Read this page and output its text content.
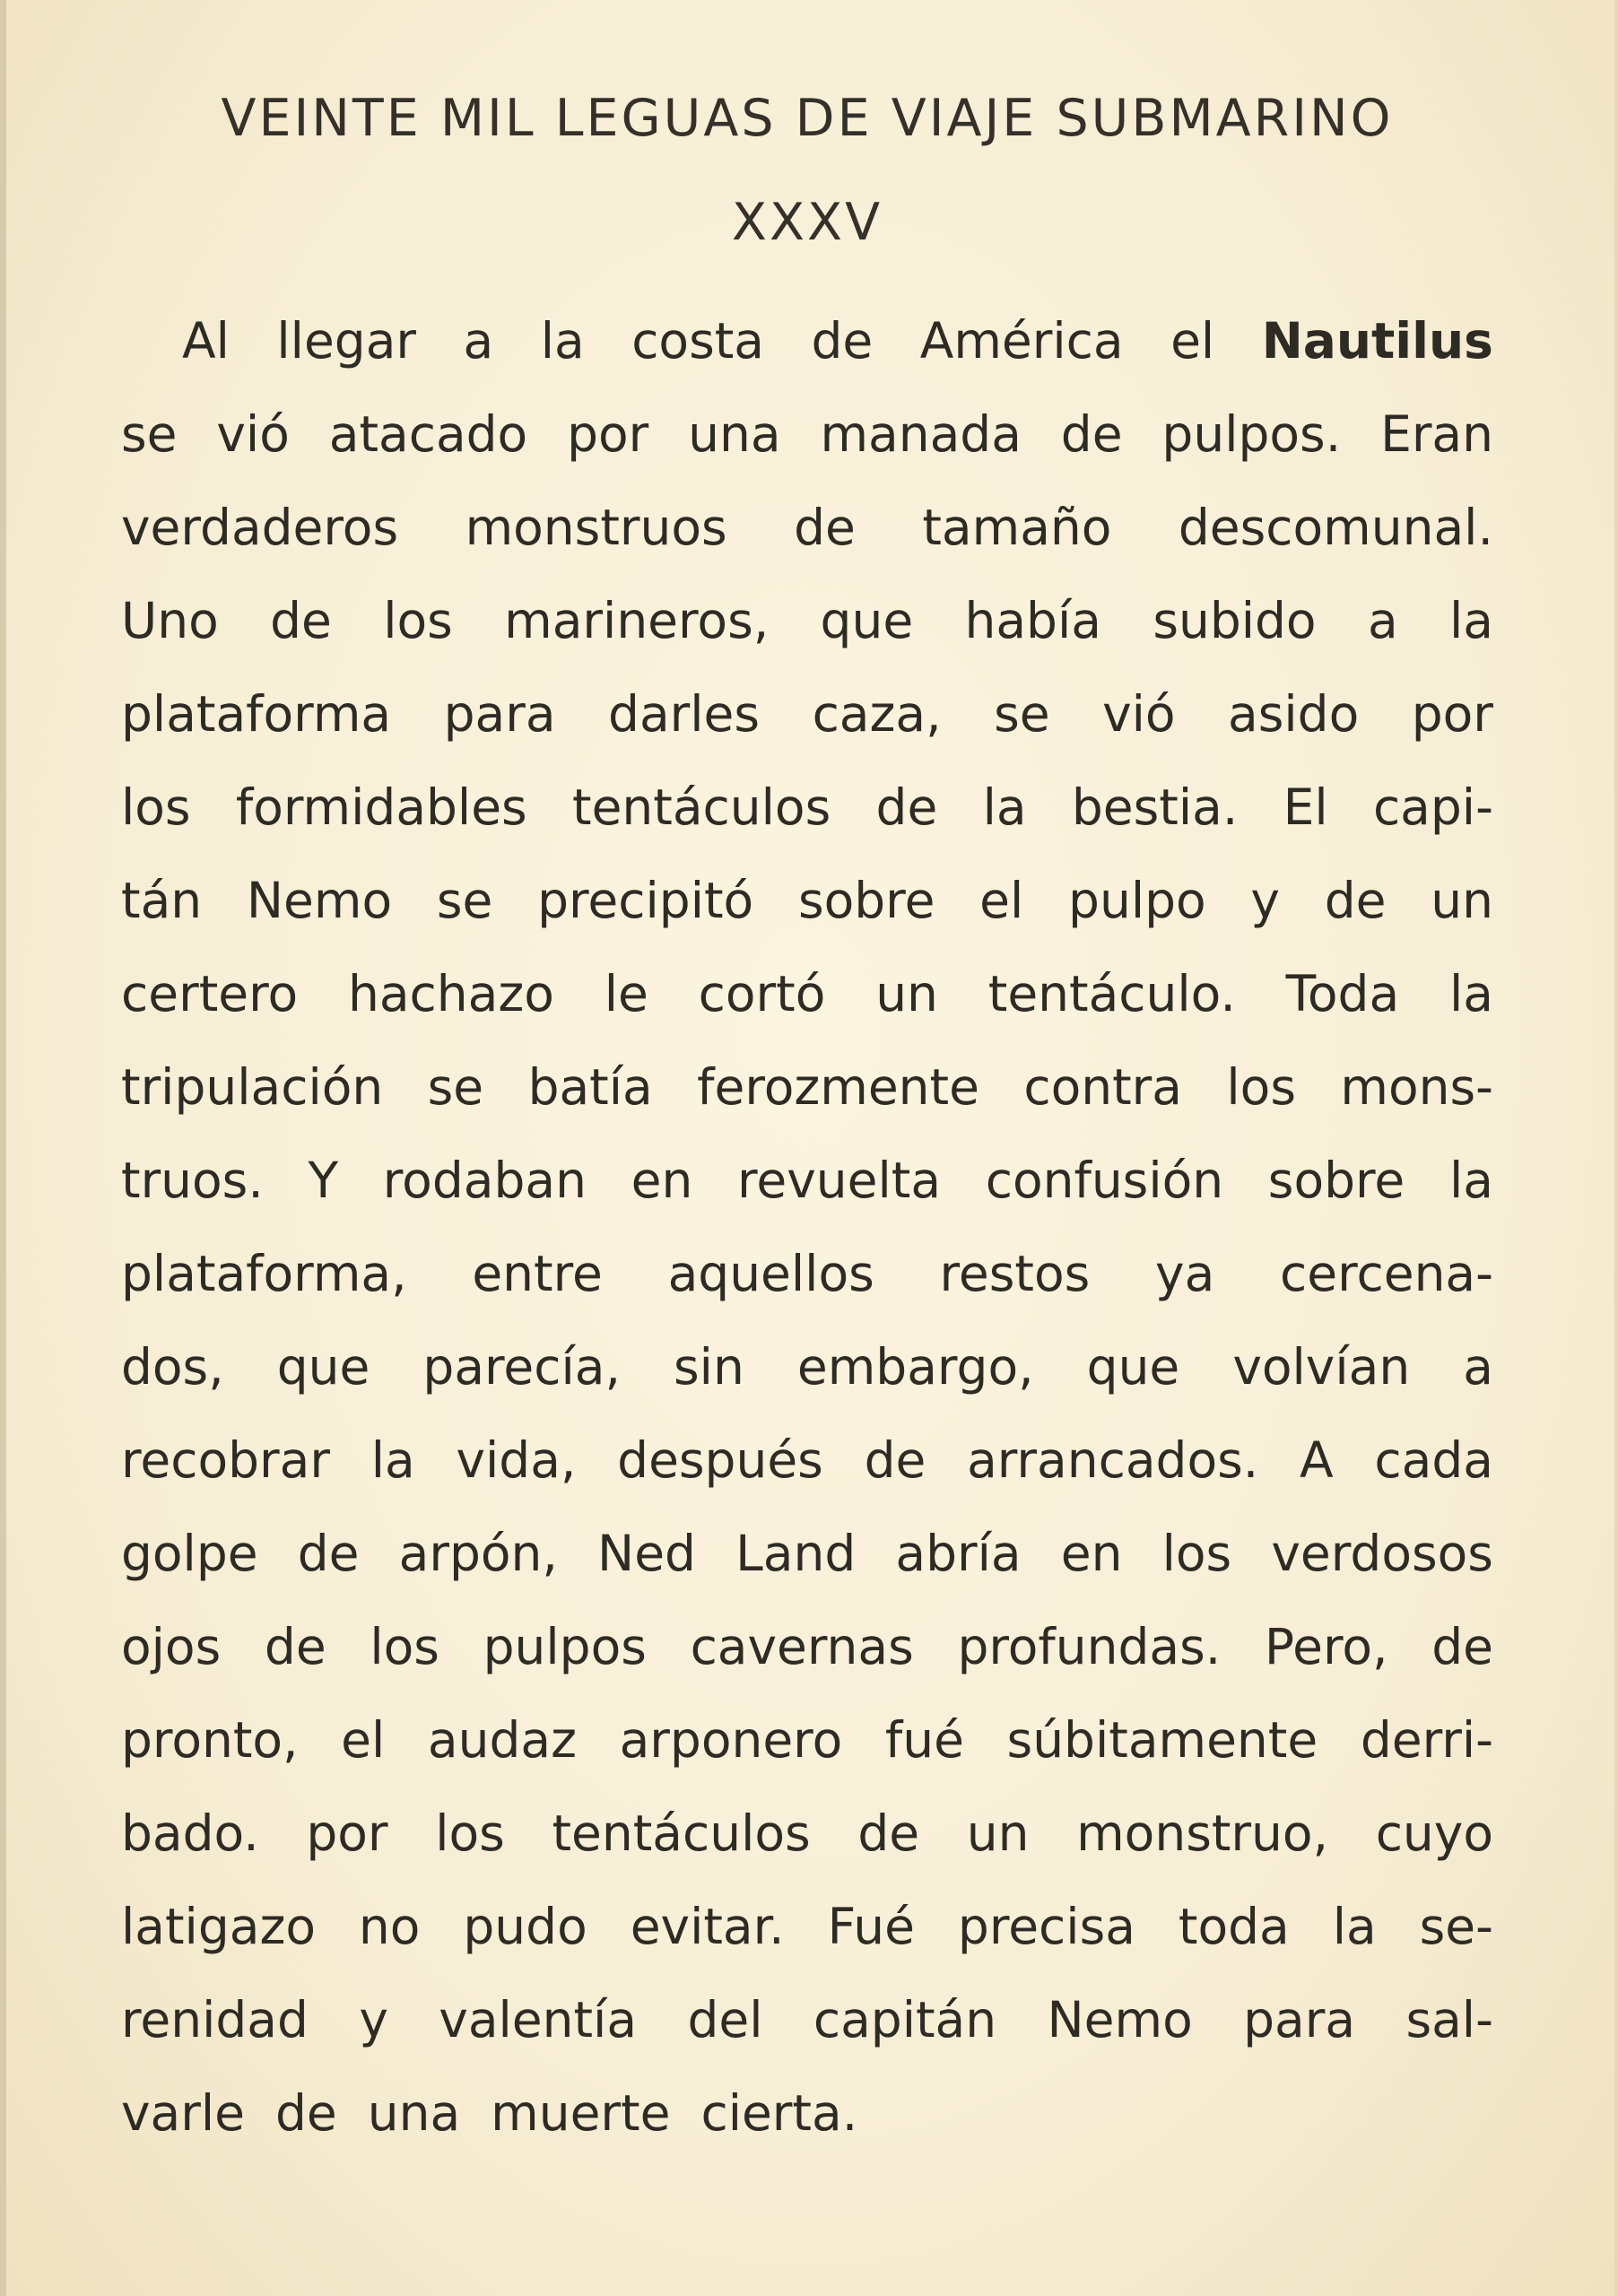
VEINTE MIL LEGUAS DE VIAJE SUBMARINO
XXXV
Al llegar a la costa de América el Nautilus
se vió atacado por una manada de pulpos. Eran
verdaderos monstruos de tamaño descomunal.
Uno de los marineros, que había subido a la
plataforma para darles caza, se vió asido por
los formidables tentáculos de la bestia. El capi-
tán Nemo se precipitó sobre el pulpo y de un
certero hachazo le cortó un tentáculo. Toda la
tripulación se batía ferozmente contra los mons-
truos. Y rodaban en revuelta confusión sobre la
plataforma, entre aquellos restos ya cercena-
dos, que parecía, sin embargo, que volvían a
recobrar la vida, después de arrancados. A cada
golpe de arpón, Ned Land abría en los verdosos
ojos de los pulpos cavernas profundas. Pero, de
pronto, el audaz arponero fué súbitamente derri-
bado. por los tentáculos de un monstruo, cuyo
latigazo no pudo evitar. Fué precisa toda la se-
renidad y valentía del capitán Nemo para sal-
varle de una muerte cierta.
